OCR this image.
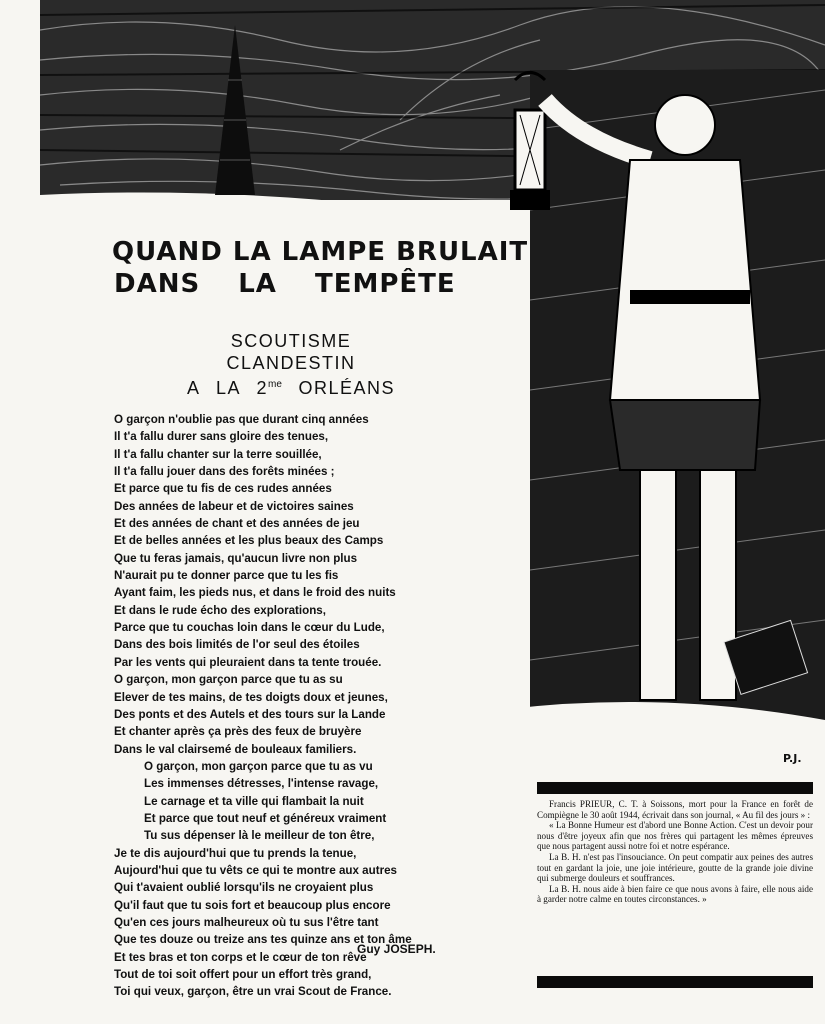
P.J.
QUAND LA LAMPE BRULAIT
DANS LA TEMPÊTE
SCOUTISME CLANDESTIN
A LA $2^{me}$ ORLÉANS
O garçon n'oublie pas que durant cinq années
Il t'a fallu durer sans gloire des tenues,
Il t'a fallu chanter sur la terre souillée,
Il t'a fallu jouer dans des forêts minées ;
Et parce que tu fis de ces rudes années
Des années de labeur et de victoires saines
Et des années de chant et des années de jeu
Et de belles années et les plus beaux des Camps
Que tu feras jamais, qu'aucun livre non plus
N'aurait pu te donner parce que tu les fis
Ayant faim, les pieds nus, et dans le froid des nuits
Et dans le rude écho des explorations,
Parce que tu couchas loin dans le cœur du Lude,
Dans des bois limités de l'or seul des étoiles
Par les vents qui pleuraient dans ta tente trouée.
O garçon, mon garçon parce que tu as su
Elever de tes mains, de tes doigts doux et jeunes,
Des ponts et des Autels et des tours sur la Lande
Et chanter après ça près des feux de bruyère
Dans le val clairsemé de bouleaux familiers.
O garçon, mon garçon parce que tu as vu
Les immenses détresses, l'intense ravage,
Le carnage et ta ville qui flambait la nuit
Et parce que tout neuf et généreux vraiment
Tu sus dépenser là le meilleur de ton être,
Je te dis aujourd'hui que tu prends la tenue,
Aujourd'hui que tu vêts ce qui te montre aux autres
Qui t'avaient oublié lorsqu'ils ne croyaient plus
Qu'il faut que tu sois fort et beaucoup plus encore
Qu'en ces jours malheureux où tu sus l'être tant
Que tes douze ou treize ans tes quinze ans et ton âme
Et tes bras et ton corps et le cœur de ton rêve
Tout de toi soit offert pour un effort très grand,
Toi qui veux, garçon, être un vrai Scout de France.
Guy JOSEPH.

Francis PRIEUR, C. T. à Soissons, mort pour la France en forêt de Compiègne le 30 août 1944, écrivait dans son journal, « Au fil des jours » :

« La Bonne Humeur est d'abord une Bonne Action. C'est un devoir pour nous d'être joyeux afin que nos frères qui partagent les mêmes épreuves que nous partagent aussi notre foi et notre espérance.

La B. H. n'est pas l'insouciance. On peut compatir aux peines des autres tout en gardant la joie, une joie intérieure, goutte de la grande joie divine qui submerge douleurs et souffrances.

La B. H. nous aide à bien faire ce que nous avons à faire, elle nous aide à garder notre calme en toutes circonstances. »
